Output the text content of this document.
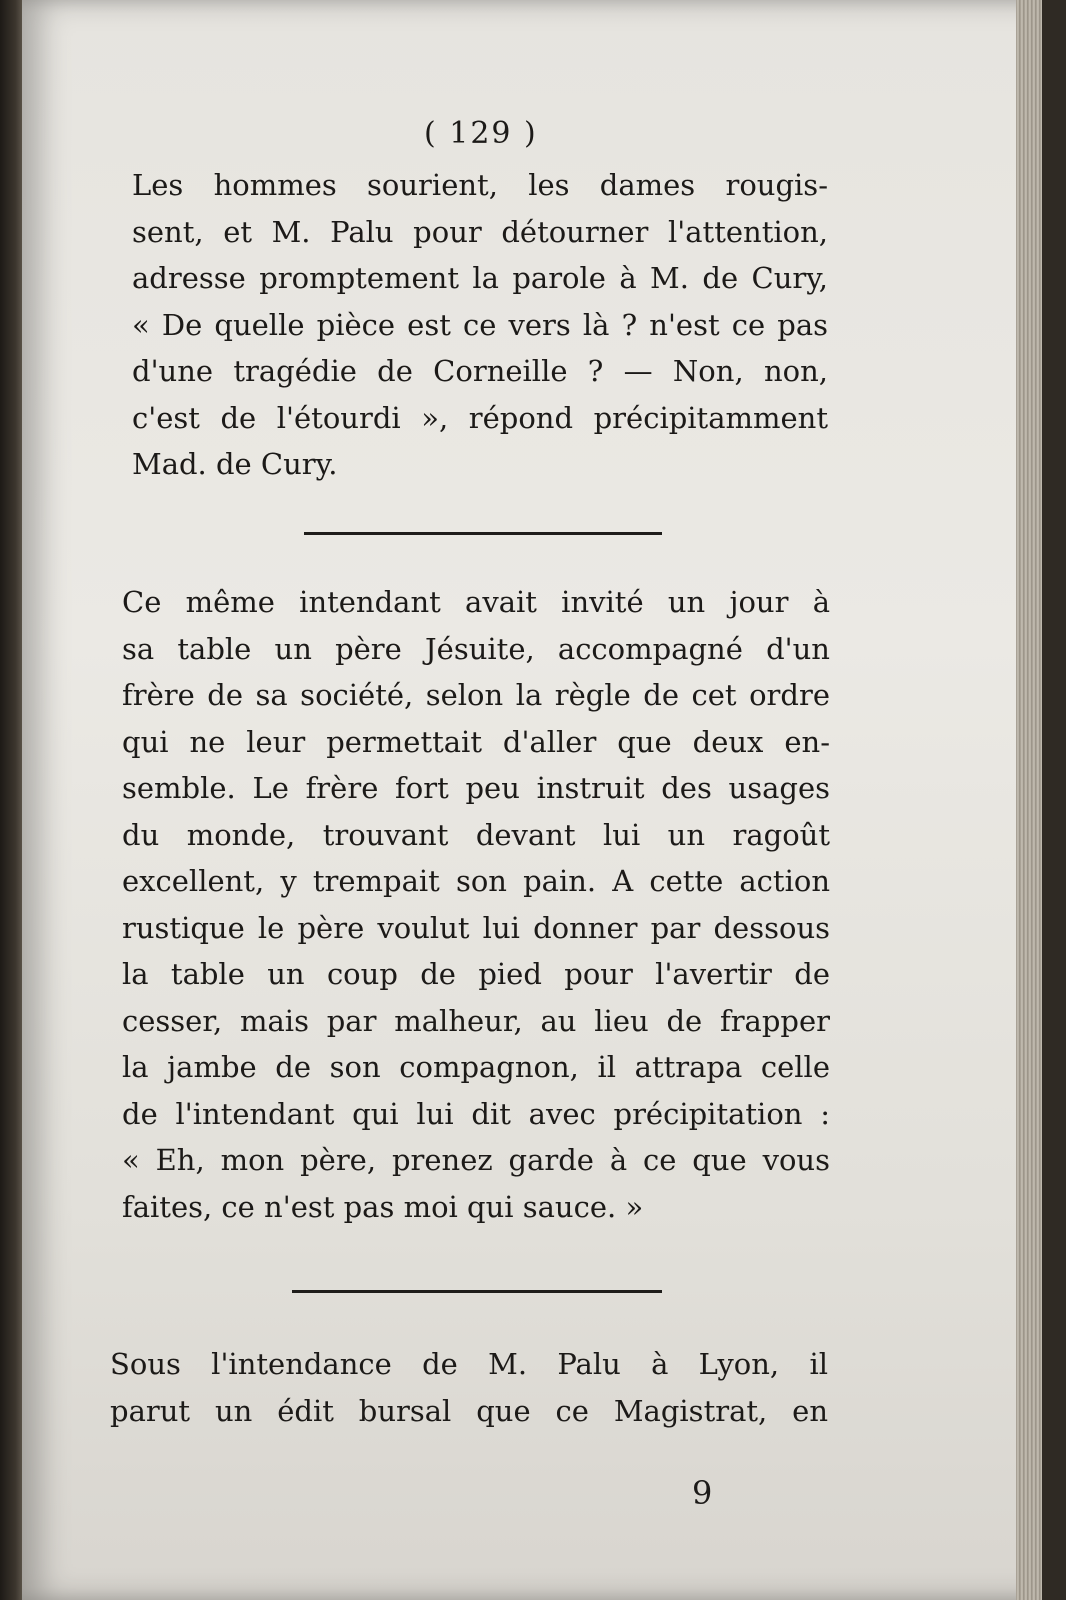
( 129 )
Les hommes sourient, les dames rougis-
sent, et M. Palu pour détourner l'attention,
adresse promptement la parole à M. de Cury,
« De quelle pièce est ce vers là ? n'est ce pas
d'une tragédie de Corneille ? — Non, non,
c'est de l'étourdi », répond précipitamment
Mad. de Cury.
Ce même intendant avait invité un jour à
sa table un père Jésuite, accompagné d'un
frère de sa société, selon la règle de cet ordre
qui ne leur permettait d'aller que deux en-
semble. Le frère fort peu instruit des usages
du monde, trouvant devant lui un ragoût
excellent, y trempait son pain. A cette action
rustique le père voulut lui donner par dessous
la table un coup de pied pour l'avertir de
cesser, mais par malheur, au lieu de frapper
la jambe de son compagnon, il attrapa celle
de l'intendant qui lui dit avec précipitation :
« Eh, mon père, prenez garde à ce que vous
faites, ce n'est pas moi qui sauce. »
Sous l'intendance de M. Palu à Lyon, il
parut un édit bursal que ce Magistrat, en
9
